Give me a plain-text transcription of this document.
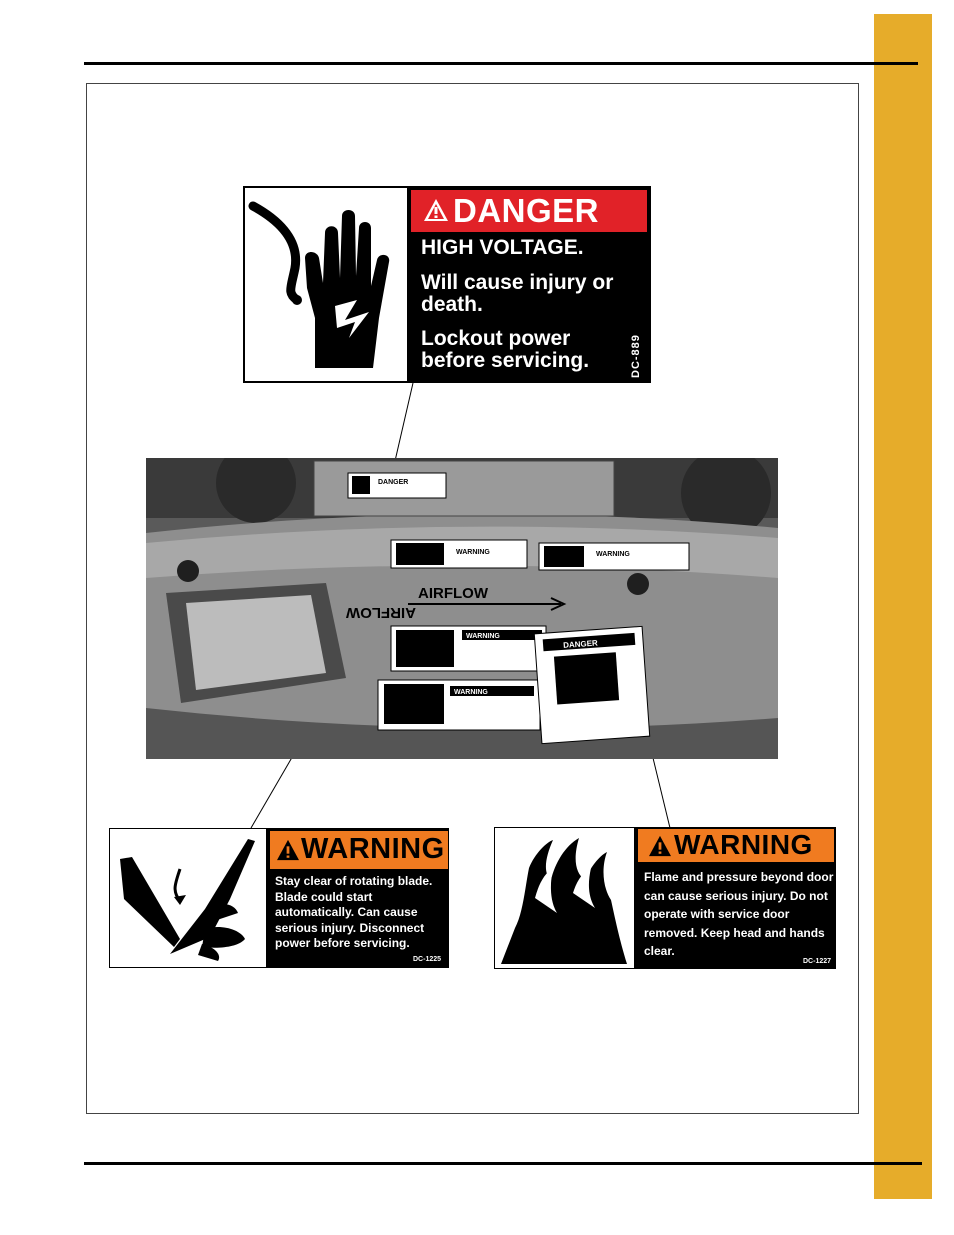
DANGER
HIGH VOLTAGE.
Will cause injury or death.
Lockout power before servicing.	DC-889
DANGER
WARNING	WARNING
AIRFLOW
AIRFLOW
WARNING
WARNING
DANGER
WARNING
Stay clear of rotating blade. Blade could start automatically. Can cause serious injury. Disconnect power before servicing.
DC-1225
WARNING
Flame and pressure beyond door can cause serious injury. Do not operate with service door removed. Keep head and hands clear.
DC-1227
